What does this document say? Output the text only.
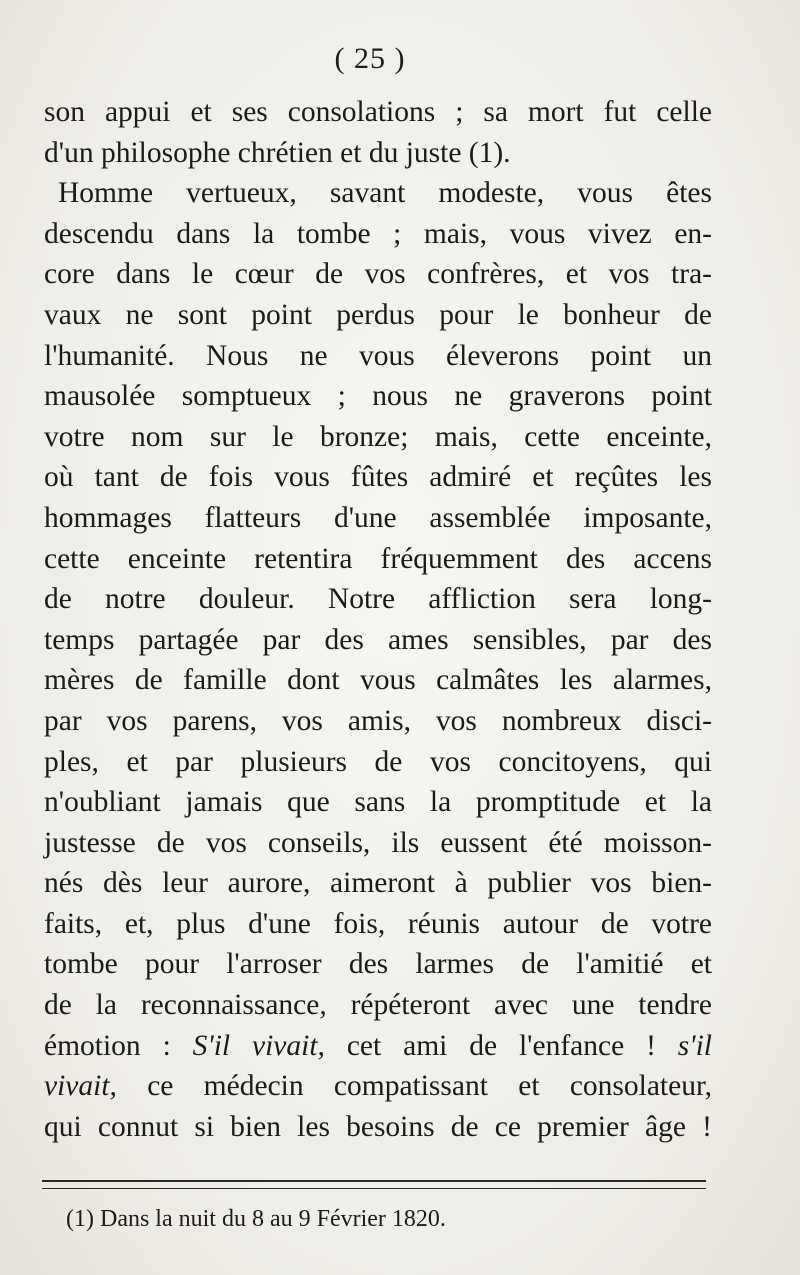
( 25 )
son appui et ses consolations ; sa mort fut celle
d'un philosophe chrétien et du juste (1).
Homme vertueux, savant modeste, vous êtes
descendu dans la tombe ; mais, vous vivez en-
core dans le cœur de vos confrères, et vos tra-
vaux ne sont point perdus pour le bonheur de
l'humanité. Nous ne vous éleverons point un
mausolée somptueux ; nous ne graverons point
votre nom sur le bronze; mais, cette enceinte,
où tant de fois vous fûtes admiré et reçûtes les
hommages flatteurs d'une assemblée imposante,
cette enceinte retentira fréquemment des accens
de notre douleur. Notre affliction sera long-
temps partagée par des ames sensibles, par des
mères de famille dont vous calmâtes les alarmes,
par vos parens, vos amis, vos nombreux disci-
ples, et par plusieurs de vos concitoyens, qui
n'oubliant jamais que sans la promptitude et la
justesse de vos conseils, ils eussent été moisson-
nés dès leur aurore, aimeront à publier vos bien-
faits, et, plus d'une fois, réunis autour de votre
tombe pour l'arroser des larmes de l'amitié et
de la reconnaissance, répéteront avec une tendre
émotion : S'il vivait, cet ami de l'enfance ! s'il
vivait, ce médecin compatissant et consolateur,
qui connut si bien les besoins de ce premier âge !
(1) Dans la nuit du 8 au 9 Février 1820.
